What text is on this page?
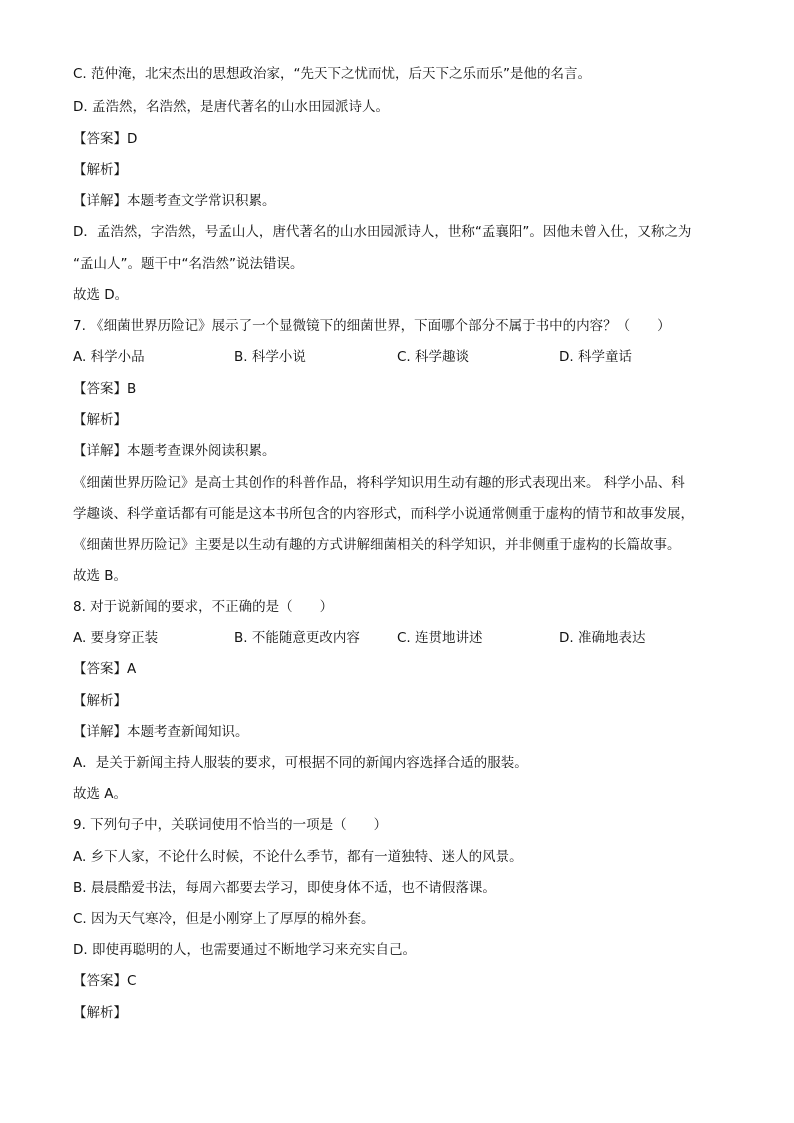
C. 范仲淹，北宋杰出的思想政治家，“先天下之忧而忧，后天下之乐而乐”是他的名言。
D. 孟浩然，名浩然，是唐代著名的山水田园派诗人。
【答案】D
【解析】
【详解】本题考查文学常识积累。
D．孟浩然，字浩然，号孟山人，唐代著名的山水田园派诗人，世称“孟襄阳”。因他未曾入仕，又称之为
“孟山人”。题干中“名浩然”说法错误。
故选 D。
7. 《细菌世界历险记》展示了一个显微镜下的细菌世界，下面哪个部分不属于书中的内容？（　　）
A. 科学小品	B. 科学小说	C. 科学趣谈	D. 科学童话
【答案】B
【解析】
【详解】本题考查课外阅读积累。
《细菌世界历险记》是高士其创作的科普作品，将科学知识用生动有趣的形式表现出来。 科学小品、科
学趣谈、科学童话都有可能是这本书所包含的内容形式，而科学小说通常侧重于虚构的情节和故事发展，
《细菌世界历险记》主要是以生动有趣的方式讲解细菌相关的科学知识，并非侧重于虚构的长篇故事。
故选 B。
8. 对于说新闻的要求，不正确的是（　　）
A. 要身穿正装	B. 不能随意更改内容	C. 连贯地讲述	D. 准确地表达
【答案】A
【解析】
【详解】本题考查新闻知识。
A．是关于新闻主持人服装的要求，可根据不同的新闻内容选择合适的服装。
故选 A。
9. 下列句子中，关联词使用不恰当的一项是（　　）
A. 乡下人家，不论什么时候，不论什么季节，都有一道独特、迷人的风景。
B. 晨晨酷爱书法，每周六都要去学习，即使身体不适，也不请假落课。
C. 因为天气寒冷，但是小刚穿上了厚厚的棉外套。
D. 即使再聪明的人，也需要通过不断地学习来充实自己。
【答案】C
【解析】
